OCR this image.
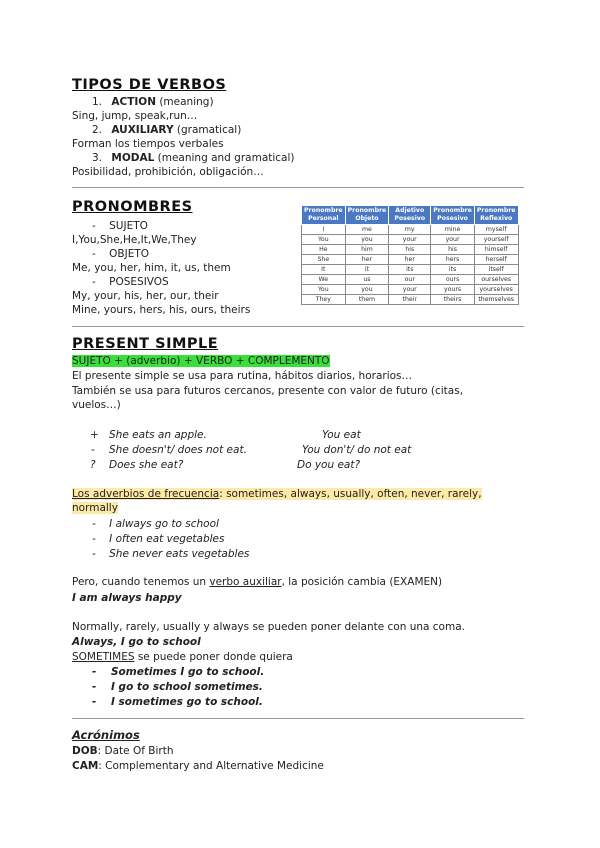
TIPOS DE VERBOS
1. ACTION (meaning)
Sing, jump, speak,run…
2. AUXILIARY (gramatical)
Forman los tiempos verbales
3. MODAL (meaning and gramatical)
Posibilidad, prohibición, obligación…
PRONOMBRES
-    SUJETO
I,You,She,He,It,We,They
-    OBJETO
Me, you, her, him, it, us, them
-    POSESIVOS
My, your, his, her, our, their
Mine, yours, hers, his, ours, theirs
Pronombre Personal	Pronombre Objeto	Adjetivo Posesivo	Pronombre Posesivo	Pronombre Reflexivo
I	me	my	mine	myself
You	you	your	your	yourself
He	him	his	his	himself
She	her	her	hers	herself
It	it	its	its	itself
We	us	our	ours	ourselves
You	you	your	yours	yourselves
They	them	their	theirs	themselves
PRESENT SIMPLE
SUJETO + (adverbio) + VERBO + COMPLEMENTO
El presente simple se usa para rutina, hábitos diarios, horarios…
También se usa para futuros cercanos, presente con valor de futuro (citas,
vuelos…)
+ She eats an apple.	You eat
- She doesn't/ does not eat.	You don't/ do not eat
? Does she eat?	Do you eat?
Los adverbios de frecuencia: sometimes, always, usually, often, never, rarely,
normally
-    I always go to school
-    I often eat vegetables
-    She never eats vegetables
Pero, cuando tenemos un verbo auxiliar, la posición cambia (EXAMEN)
I am always happy
Normally, rarely, usually y always se pueden poner delante con una coma.
Always, I go to school
SOMETIMES se puede poner donde quiera
-    Sometimes I go to school.
-    I go to school sometimes.
-    I sometimes go to school.
Acrónimos
DOB: Date Of Birth
CAM: Complementary and Alternative Medicine
